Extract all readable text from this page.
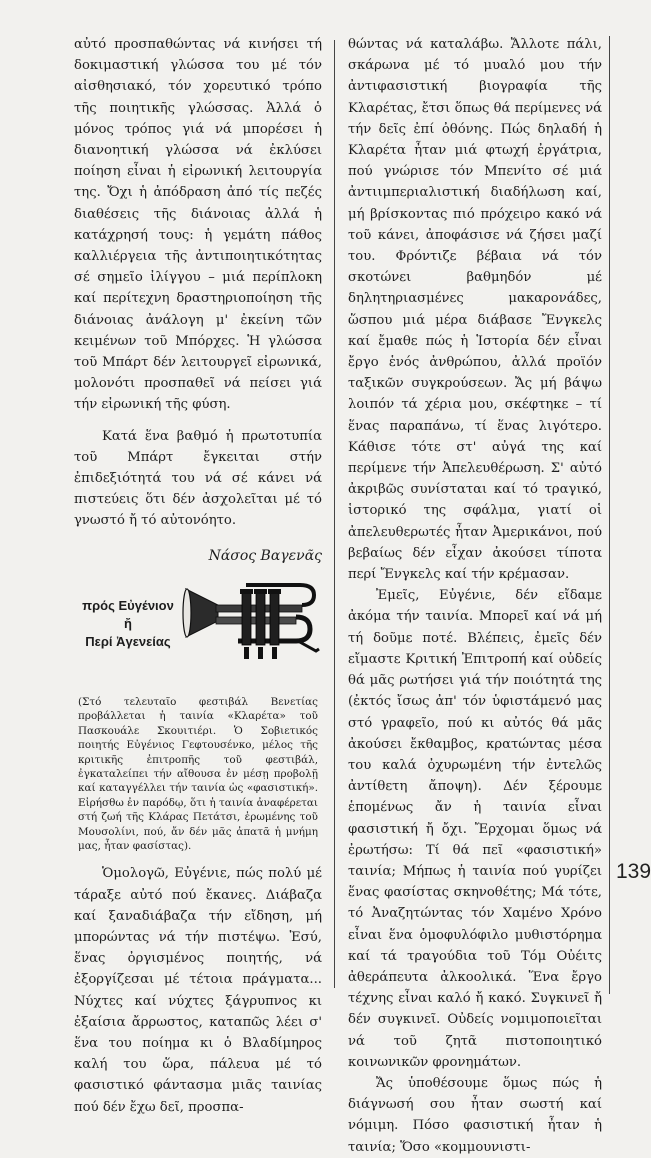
αὐτό προσπαθώντας νά κινήσει τή δοκιμαστική γλώσσα του μέ τόν αἰσθησιακό, τόν χορευτικό τρόπο τῆς ποιητικῆς γλώσσας. Ἀλλά ὁ μόνος τρόπος γιά νά μπορέσει ἡ διανοητική γλώσσα νά ἐκλύσει ποίηση εἶναι ἡ εἰρωνική λειτουργία της. Ὄχι ἡ ἀπόδραση ἀπό τίς πεζές διαθέσεις τῆς διάνοιας ἀλλά ἡ κατάχρησή τους: ἡ γεμάτη πάθος καλλιέργεια τῆς ἀντιποιητικότητας σέ σημεῖο ἰλίγγου – μιά περίπλοκη καί περίτεχνη δραστηριοποίηση τῆς διάνοιας ἀνάλογη μ' ἐκείνη τῶν κειμένων τοῦ Μπόρχες. Ἡ γλώσσα τοῦ Μπάρτ δέν λειτουργεῖ εἰρωνικά, μολονότι προσπαθεῖ νά πείσει γιά τήν εἰρωνική τῆς φύση.

Κατά ἕνα βαθμό ἡ πρωτοτυπία τοῦ Μπάρτ ἔγκειται στήν ἐπιδεξιότητά του νά σέ κάνει νά πιστεύεις ὅτι δέν ἀσχολεῖται μέ τό γνωστό ἤ τό αὐτονόητο.

Νάσος Βαγενᾶς
πρός Εὐγένιον
ἤ
Περί Ἀγενείας

(Στό τελευταῖο φεστιβάλ Βενετίας προβάλλεται ἡ ταινία «Κλαρέτα» τοῦ Πασκουάλε Σκουιτιέρι. Ὁ Σοβιετικός ποιητής Εὐγένιος Γεφτουσένκο, μέλος τῆς κριτικῆς ἐπιτροπῆς τοῦ φεστιβάλ, ἐγκαταλείπει τήν αἴθουσα ἐν μέσῃ προβολῇ καί καταγγέλλει τήν ταινία ὡς «φασιστική». Εἰρήσθω ἐν παρόδῳ, ὅτι ἡ ταινία ἀναφέρεται στή ζωή τῆς Κλάρας Πετάτσι, ἐρωμένης τοῦ Μουσολίνι, πού, ἄν δέν μᾶς ἀπατᾶ ἡ μνήμη μας, ἦταν φασίστας).

Ὁμολογῶ, Εὐγένιε, πώς πολύ μέ τάραξε αὐτό πού ἔκανες. Διάβαζα καί ξαναδιάβαζα τήν εἴδηση, μή μπορώντας νά τήν πιστέψω. Ἐσύ, ἕνας ὀργισμένος ποιητής, νά ἐξοργίζεσαι μέ τέτοια πράγματα... Νύχτες καί νύχτες ξάγρυπνος κι ἐξαίσια ἄρρωστος, καταπῶς λέει σ' ἕνα του ποίημα κι ὁ Βλαδίμηρος καλή του ὥρα, πάλευα μέ τό φασιστικό φάντασμα μιᾶς ταινίας πού δέν ἔχω δεῖ, προσπα-

θώντας νά καταλάβω. Ἄλλοτε πάλι, σκάρωνα μέ τό μυαλό μου τήν ἀντιφασιστική βιογραφία τῆς Κλαρέτας, ἔτσι ὅπως θά περίμενες νά τήν δεῖς ἐπί ὀθόνης. Πώς δηλαδή ἡ Κλαρέτα ἦταν μιά φτωχή ἐργάτρια, πού γνώρισε τόν Μπενίτο σέ μιά ἀντιιμπεριαλιστική διαδήλωση καί, μή βρίσκοντας πιό πρόχειρο κακό νά τοῦ κάνει, ἀποφάσισε νά ζήσει μαζί του. Φρόντιζε βέβαια νά τόν σκοτώνει βαθμηδόν μέ δηλητηριασμένες μακαρονάδες, ὥσπου μιά μέρα διάβασε Ἔνγκελς καί ἔμαθε πώς ἡ Ἱστορία δέν εἶναι ἔργο ἑνός ἀνθρώπου, ἀλλά προϊόν ταξικῶν συγκρούσεων. Ἄς μή βάψω λοιπόν τά χέρια μου, σκέφτηκε – τί ἕνας παραπάνω, τί ἕνας λιγότερο. Κάθισε τότε στ' αὐγά της καί περίμενε τήν Ἀπελευθέρωση. Σ' αὐτό ἀκριβῶς συνίσταται καί τό τραγικό, ἱστορικό της σφάλμα, γιατί οἱ ἀπελευθερωτές ἦταν Ἀμερικάνοι, πού βεβαίως δέν εἶχαν ἀκούσει τίποτα περί Ἔνγκελς καί τήν κρέμασαν.

Ἐμεῖς, Εὐγένιε, δέν εἴδαμε ἀκόμα τήν ταινία. Μπορεῖ καί νά μή τή δοῦμε ποτέ. Βλέπεις, ἐμεῖς δέν εἴμαστε Κριτική Ἐπιτροπή καί οὐδείς θά μᾶς ρωτήσει γιά τήν ποιότητά της (ἐκτός ἴσως ἀπ' τόν ὑφιστάμενό μας στό γραφεῖο, πού κι αὐτός θά μᾶς ἀκούσει ἔκθαμβος, κρατώντας μέσα του καλά ὀχυρωμένη τήν ἐντελῶς ἀντίθετη ἄποψη). Δέν ξέρουμε ἑπομένως ἄν ἡ ταινία εἶναι φασιστική ἤ ὄχι. Ἔρχομαι ὅμως νά ἐρωτήσω: Τί θά πεῖ «φασιστική» ταινία; Μήπως ἡ ταινία πού γυρίζει ἕνας φασίστας σκηνοθέτης; Μά τότε, τό Ἀναζητώντας τόν Χαμένο Χρόνο εἶναι ἕνα ὁμοφυλόφιλο μυθιστόρημα καί τά τραγούδια τοῦ Τόμ Οὐέιτς ἀθεράπευτα ἀλκοολικά. Ἕνα ἔργο τέχνης εἶναι καλό ἤ κακό. Συγκινεῖ ἤ δέν συγκινεῖ. Οὐδείς νομιμοποιεῖται νά τοῦ ζητᾶ πιστοποιητικό κοινωνικῶν φρονημάτων.

Ἄς ὑποθέσουμε ὅμως πώς ἡ διάγνωσή σου ἦταν σωστή καί νόμιμη. Πόσο φασιστική ἦταν ἡ ταινία; Ὅσο «κομμουνιστι-

139
